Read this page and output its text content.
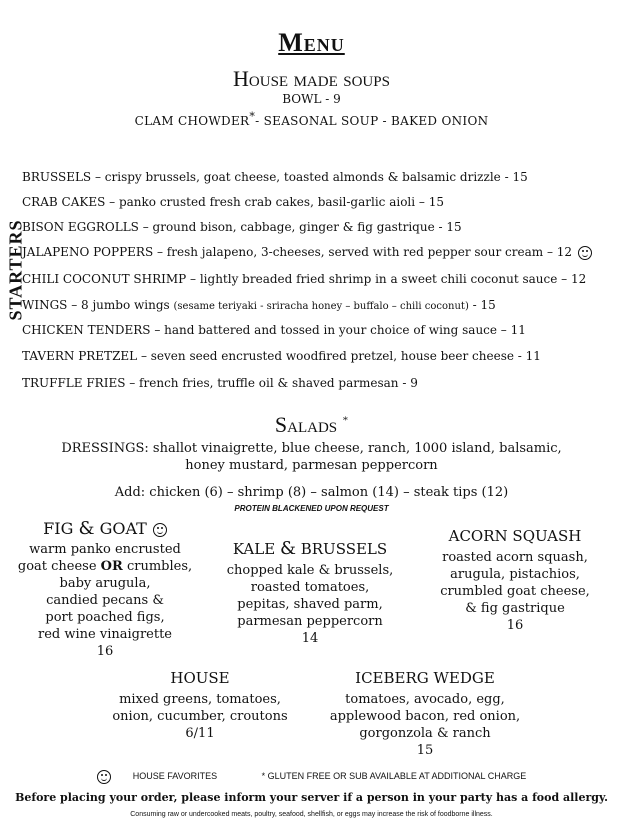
Menu
House made soups
BOWL - 9
CLAM CHOWDER*- SEASONAL SOUP - BAKED ONION
STARTERS
BRUSSELS – crispy brussels, goat cheese, toasted almonds & balsamic drizzle - 15
CRAB CAKES – panko crusted fresh crab cakes, basil-garlic aioli – 15
BISON EGGROLLS – ground bison, cabbage, ginger & fig gastrique - 15
JALAPENO POPPERS – fresh jalapeno, 3-cheeses, served with red pepper sour cream – 12
CHILI COCONUT SHRIMP – lightly breaded fried shrimp in a sweet chili coconut sauce – 12
WINGS – 8 jumbo wings (sesame teriyaki - sriracha honey – buffalo – chili coconut) - 15
CHICKEN TENDERS – hand battered and tossed in your choice of wing sauce – 11
TAVERN PRETZEL – seven seed encrusted woodfired pretzel, house beer cheese - 11
TRUFFLE FRIES – french fries, truffle oil & shaved parmesan - 9
Salads *
DRESSINGS: shallot vinaigrette, blue cheese, ranch, 1000 island, balsamic, honey mustard, parmesan peppercorn
Add: chicken (6) – shrimp (8) – salmon (14) – steak tips (12)
PROTEIN BLACKENED UPON REQUEST
FIG & GOAT
warm panko encrusted
goat cheese OR crumbles,
baby arugula,
candied pecans &
port poached figs,
red wine vinaigrette
16
KALE & BRUSSELS
chopped kale & brussels,
roasted tomatoes,
pepitas, shaved parm,
parmesan peppercorn
14
ACORN SQUASH
roasted acorn squash,
arugula, pistachios,
crumbled goat cheese,
& fig gastrique
16
HOUSE
mixed greens, tomatoes,
onion, cucumber, croutons
6/11
ICEBERG WEDGE
tomatoes, avocado, egg,
applewood bacon, red onion,
gorgonzola & ranch
15
HOUSE FAVORITES	* GLUTEN FREE OR SUB AVAILABLE AT ADDITIONAL CHARGE
Before placing your order, please inform your server if a person in your party has a food allergy.
Consuming raw or undercooked meats, poultry, seafood, shellfish, or eggs may increase the risk of foodborne illness.
